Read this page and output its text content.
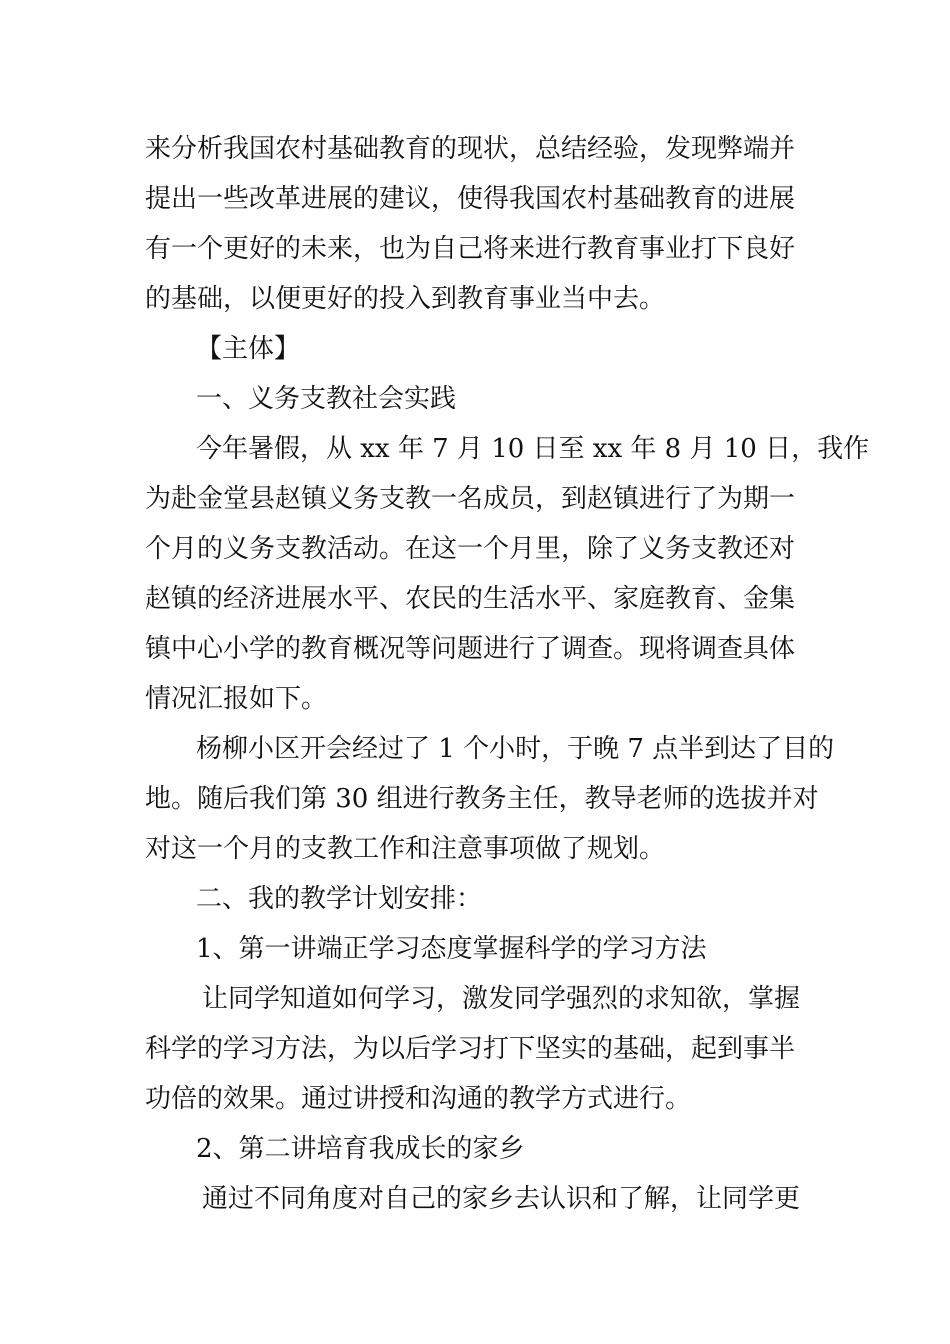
来分析我国农村基础教育的现状，总结经验，发现弊端并
提出一些改革进展的建议，使得我国农村基础教育的进展
有一个更好的未来，也为自己将来进行教育事业打下良好
的基础，以便更好的投入到教育事业当中去。
【主体】
一、义务支教社会实践
今年暑假，从 xx 年 7 月 10 日至 xx 年 8 月 10 日，我作
为赴金堂县赵镇义务支教一名成员，到赵镇进行了为期一
个月的义务支教活动。在这一个月里，除了义务支教还对
赵镇的经济进展水平、农民的生活水平、家庭教育、金集
镇中心小学的教育概况等问题进行了调查。现将调查具体
情况汇报如下。
杨柳小区开会经过了 1 个小时，于晚 7 点半到达了目的
地。随后我们第 30 组进行教务主任，教导老师的选拔并对
对这一个月的支教工作和注意事项做了规划。
二、我的教学计划安排：
1、第一讲端正学习态度掌握科学的学习方法
让同学知道如何学习，激发同学强烈的求知欲，掌握
科学的学习方法，为以后学习打下坚实的基础，起到事半
功倍的效果。通过讲授和沟通的教学方式进行。
2、第二讲培育我成长的家乡
通过不同角度对自己的家乡去认识和了解，让同学更
